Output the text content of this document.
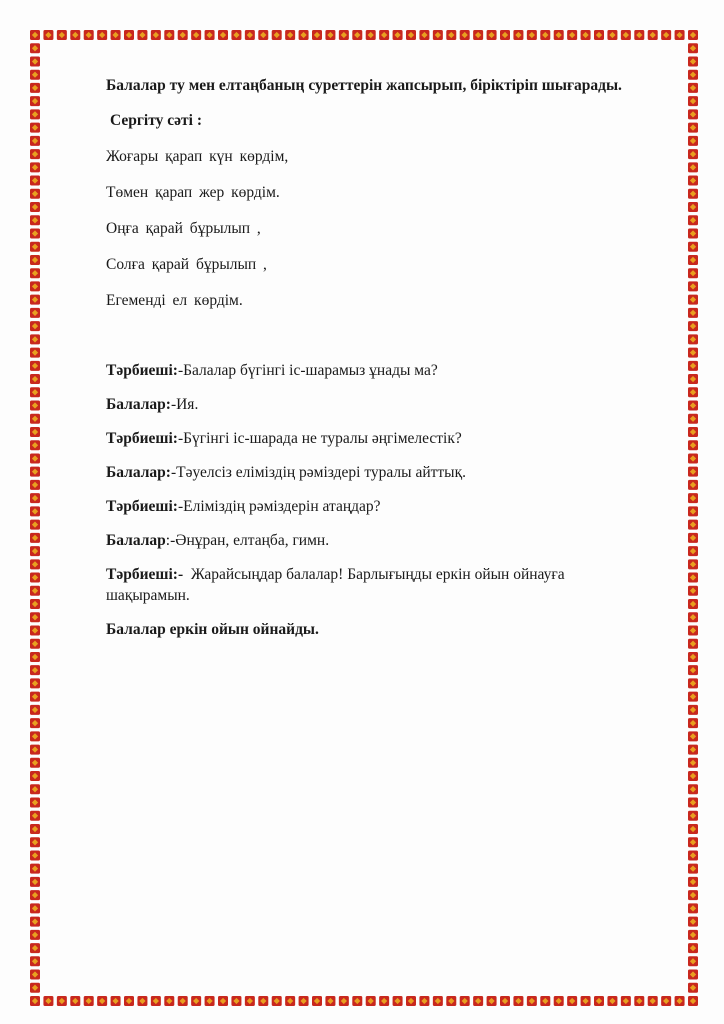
Балалар ту мен елтаңбаның суреттерін жапсырып, біріктіріп шығарады.

Сергіту сәті :

Жоғары қарап күн көрдім,

Төмен қарап жер көрдім.

Оңға қарай бұрылып ,

Солға қарай бұрылып ,

Егеменді ел көрдім.

Тәрбиеші:-Балалар бүгінгі іс-шарамыз ұнады ма?

Балалар:-Ия.

Тәрбиеші:-Бүгінгі іс-шарада не туралы әңгімелестік?

Балалар:-Тәуелсіз еліміздің рәміздері туралы айттық.

Тәрбиеші:-Еліміздің рәміздерін атаңдар?

Балалар:-Әнұран, елтаңба, гимн.

Тәрбиеші:-  Жарайсыңдар балалар! Барлығыңды еркін ойын ойнауға шақырамын.

Балалар еркін ойын ойнайды.
